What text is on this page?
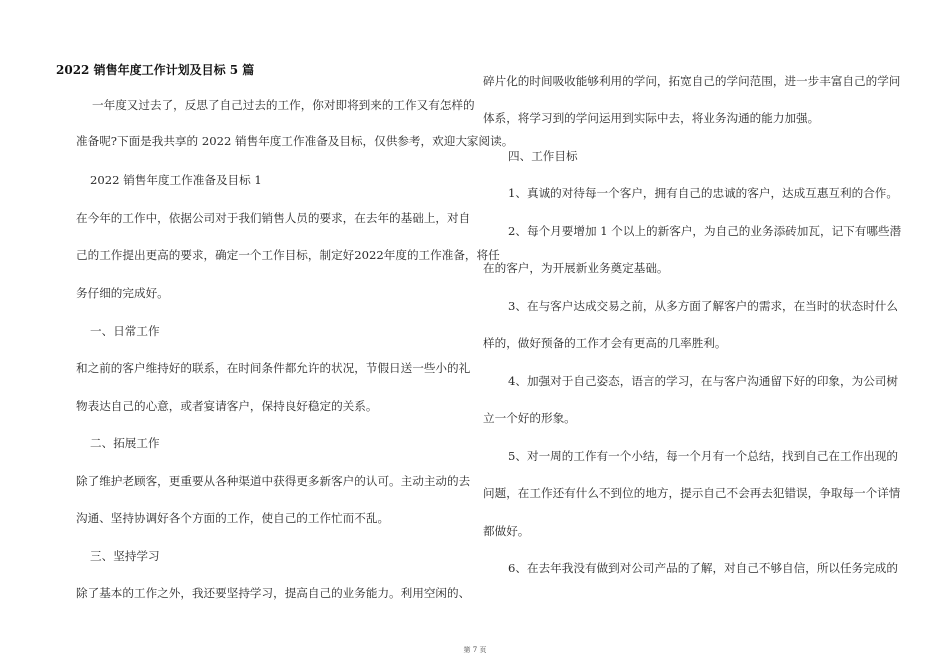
2022 销售年度工作计划及目标 5 篇
一年度又过去了，反思了自己过去的工作，你对即将到来的工作又有怎样的
准备呢?下面是我共享的 2022 销售年度工作准备及目标，仅供参考，欢迎大家阅读。
2022 销售年度工作准备及目标 1
在今年的工作中，依据公司对于我们销售人员的要求，在去年的基础上，对自
己的工作提出更高的要求，确定一个工作目标，制定好2022年度的工作准备，将任
务仔细的完成好。
一、日常工作
和之前的客户维持好的联系，在时间条件都允许的状况，节假日送一些小的礼
物表达自己的心意，或者宴请客户，保持良好稳定的关系。
二、拓展工作
除了维护老顾客，更重要从各种渠道中获得更多新客户的认可。主动主动的去
沟通、坚持协调好各个方面的工作，使自己的工作忙而不乱。
三、坚持学习
除了基本的工作之外，我还要坚持学习，提高自己的业务能力。利用空闲的、
碎片化的时间吸收能够利用的学问，拓宽自己的学问范围，进一步丰富自己的学问
体系，将学习到的学问运用到实际中去，将业务沟通的能力加强。
四、工作目标
1、真诚的对待每一个客户，拥有自己的忠诚的客户，达成互惠互利的合作。
2、每个月要增加 1 个以上的新客户，为自己的业务添砖加瓦，记下有哪些潜
在的客户，为开展新业务奠定基础。
3、在与客户达成交易之前，从多方面了解客户的需求，在当时的状态时什么
样的，做好预备的工作才会有更高的几率胜利。
4、加强对于自己姿态，语言的学习，在与客户沟通留下好的印象，为公司树
立一个好的形象。
5、对一周的工作有一个小结，每一个月有一个总结，找到自己在工作出现的
问题，在工作还有什么不到位的地方，提示自己不会再去犯错误，争取每一个详情
都做好。
6、在去年我没有做到对公司产品的了解，对自己不够自信，所以任务完成的
第 7 页
